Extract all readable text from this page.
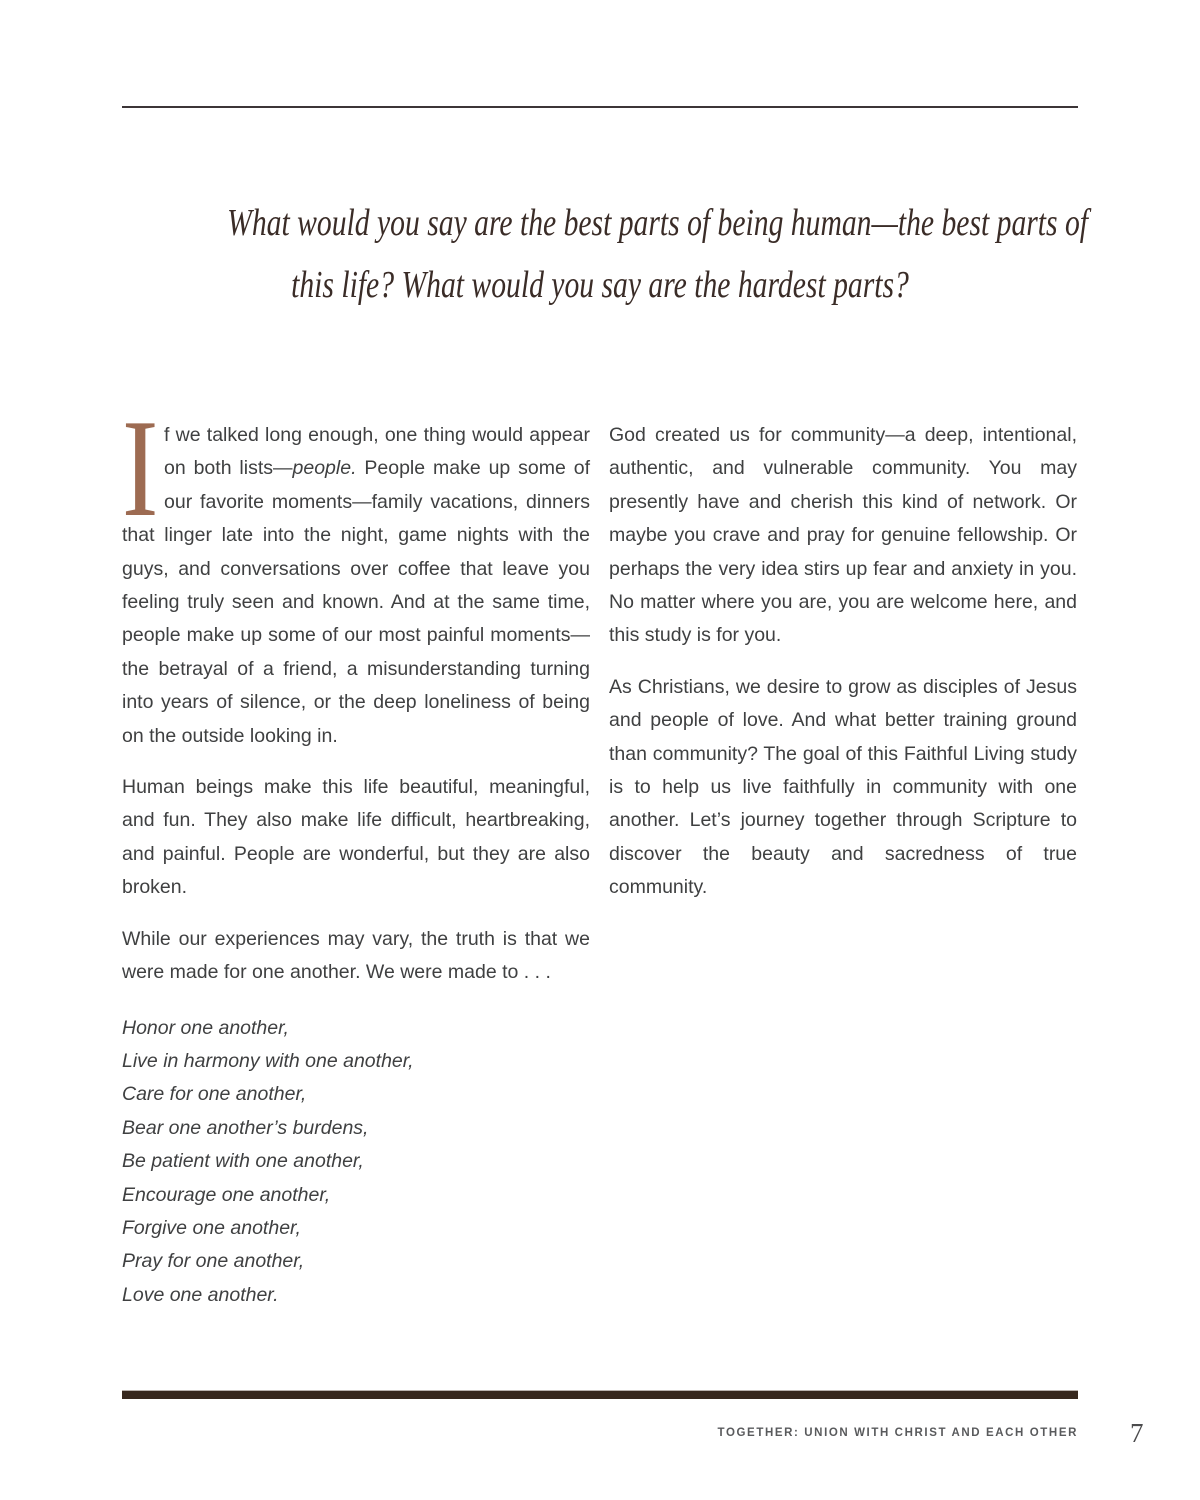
What would you say are the best parts of being human—the best parts of
this life? What would you say are the hardest parts?

I f we talked long enough, one thing would appear on both lists—people. People make up some of our favorite moments—family vacations, dinners that linger late into the night, game nights with the guys, and conversations over coffee that leave you feeling truly seen and known. And at the same time, people make up some of our most painful moments—the betrayal of a friend, a misunderstanding turning into years of silence, or the deep loneliness of being on the outside looking in.

Human beings make this life beautiful, meaningful, and fun. They also make life difficult, heartbreaking, and painful. People are wonderful, but they are also broken.

While our experiences may vary, the truth is that we were made for one another. We were made to . . .

Honor one another,
Live in harmony with one another,
Care for one another,
Bear one another’s burdens,
Be patient with one another,
Encourage one another,
Forgive one another,
Pray for one another,
Love one another.

God created us for community—a deep, intentional, authentic, and vulnerable community. You may presently have and cherish this kind of network. Or maybe you crave and pray for genuine fellowship. Or perhaps the very idea stirs up fear and anxiety in you. No matter where you are, you are welcome here, and this study is for you.

As Christians, we desire to grow as disciples of Jesus and people of love. And what better training ground than community? The goal of this Faithful Living study is to help us live faithfully in community with one another. Let’s journey together through Scripture to discover the beauty and sacredness of true community.

TOGETHER: UNION WITH CHRIST AND EACH OTHER 7
